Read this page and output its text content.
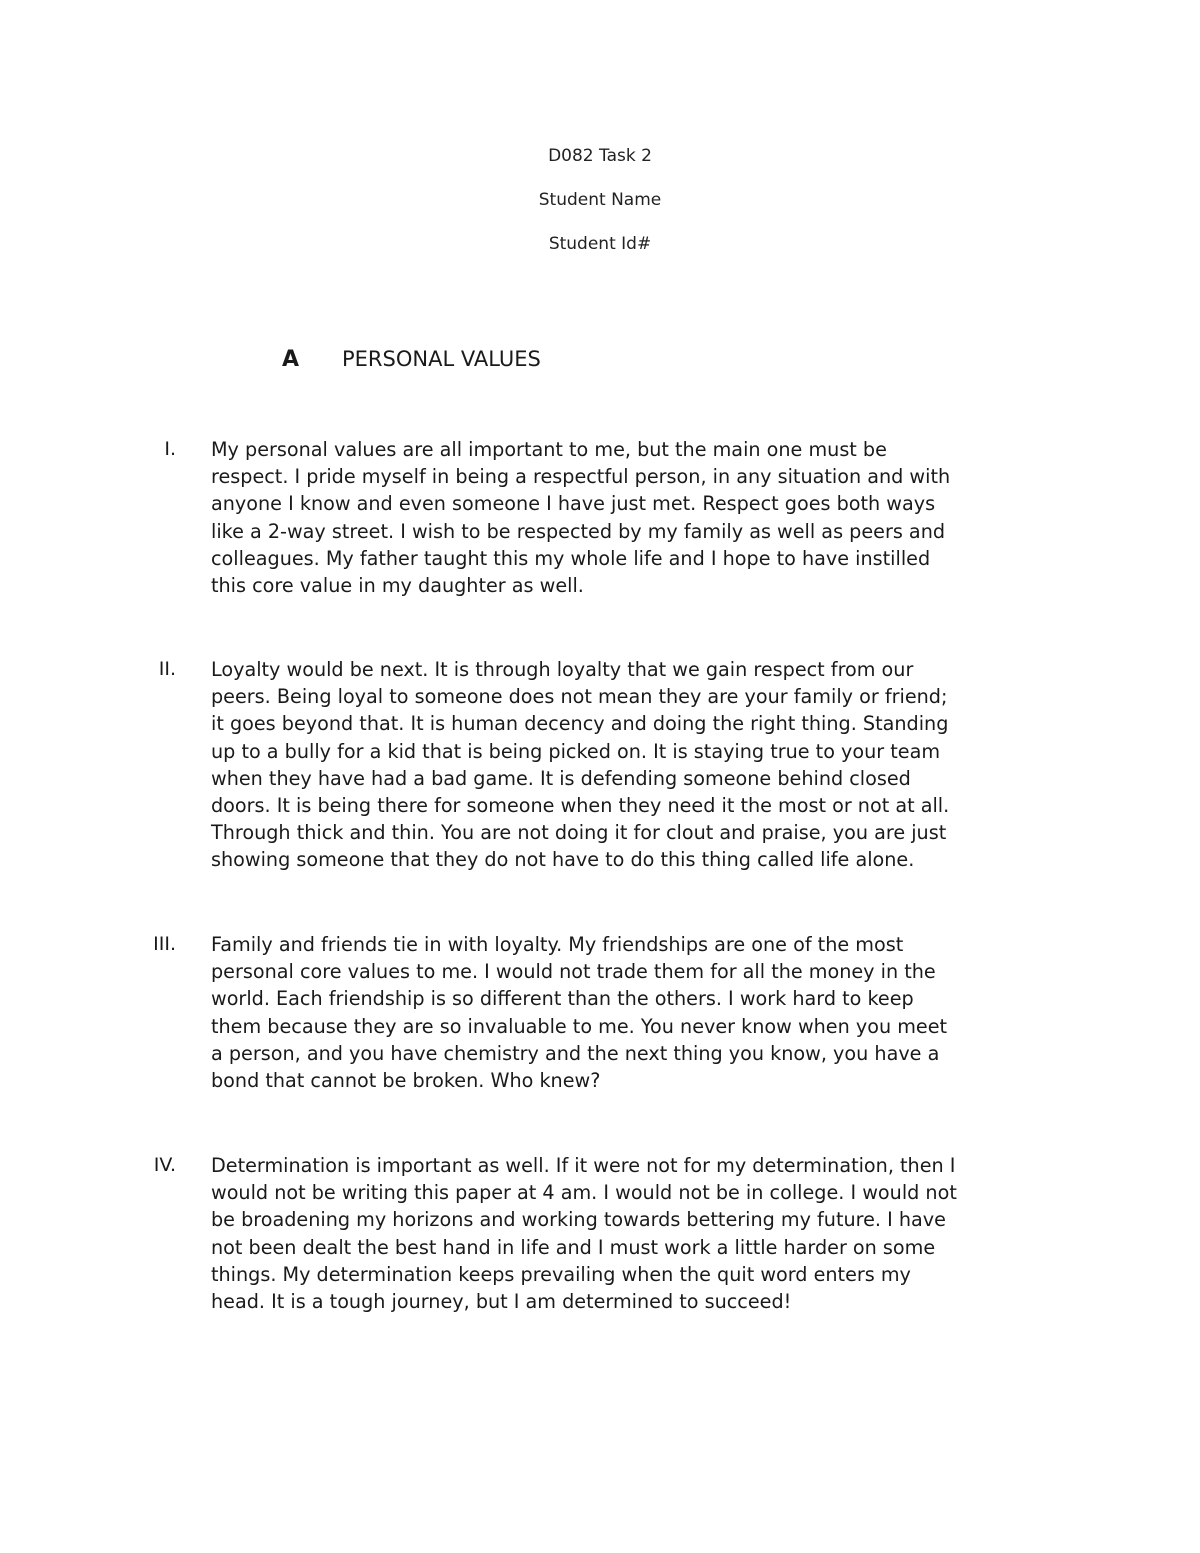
D082 Task 2
Student Name
Student Id#
A PERSONAL VALUES
I. My personal values are all important to me, but the main one must be
respect. I pride myself in being a respectful person, in any situation and with
anyone I know and even someone I have just met. Respect goes both ways
like a 2-way street. I wish to be respected by my family as well as peers and
colleagues. My father taught this my whole life and I hope to have instilled
this core value in my daughter as well.
II. Loyalty would be next. It is through loyalty that we gain respect from our
peers. Being loyal to someone does not mean they are your family or friend;
it goes beyond that. It is human decency and doing the right thing. Standing
up to a bully for a kid that is being picked on. It is staying true to your team
when they have had a bad game. It is defending someone behind closed
doors. It is being there for someone when they need it the most or not at all.
Through thick and thin. You are not doing it for clout and praise, you are just
showing someone that they do not have to do this thing called life alone.
III. Family and friends tie in with loyalty. My friendships are one of the most
personal core values to me. I would not trade them for all the money in the
world. Each friendship is so different than the others. I work hard to keep
them because they are so invaluable to me. You never know when you meet
a person, and you have chemistry and the next thing you know, you have a
bond that cannot be broken. Who knew?
IV. Determination is important as well. If it were not for my determination, then I
would not be writing this paper at 4 am. I would not be in college. I would not
be broadening my horizons and working towards bettering my future. I have
not been dealt the best hand in life and I must work a little harder on some
things. My determination keeps prevailing when the quit word enters my
head. It is a tough journey, but I am determined to succeed!
